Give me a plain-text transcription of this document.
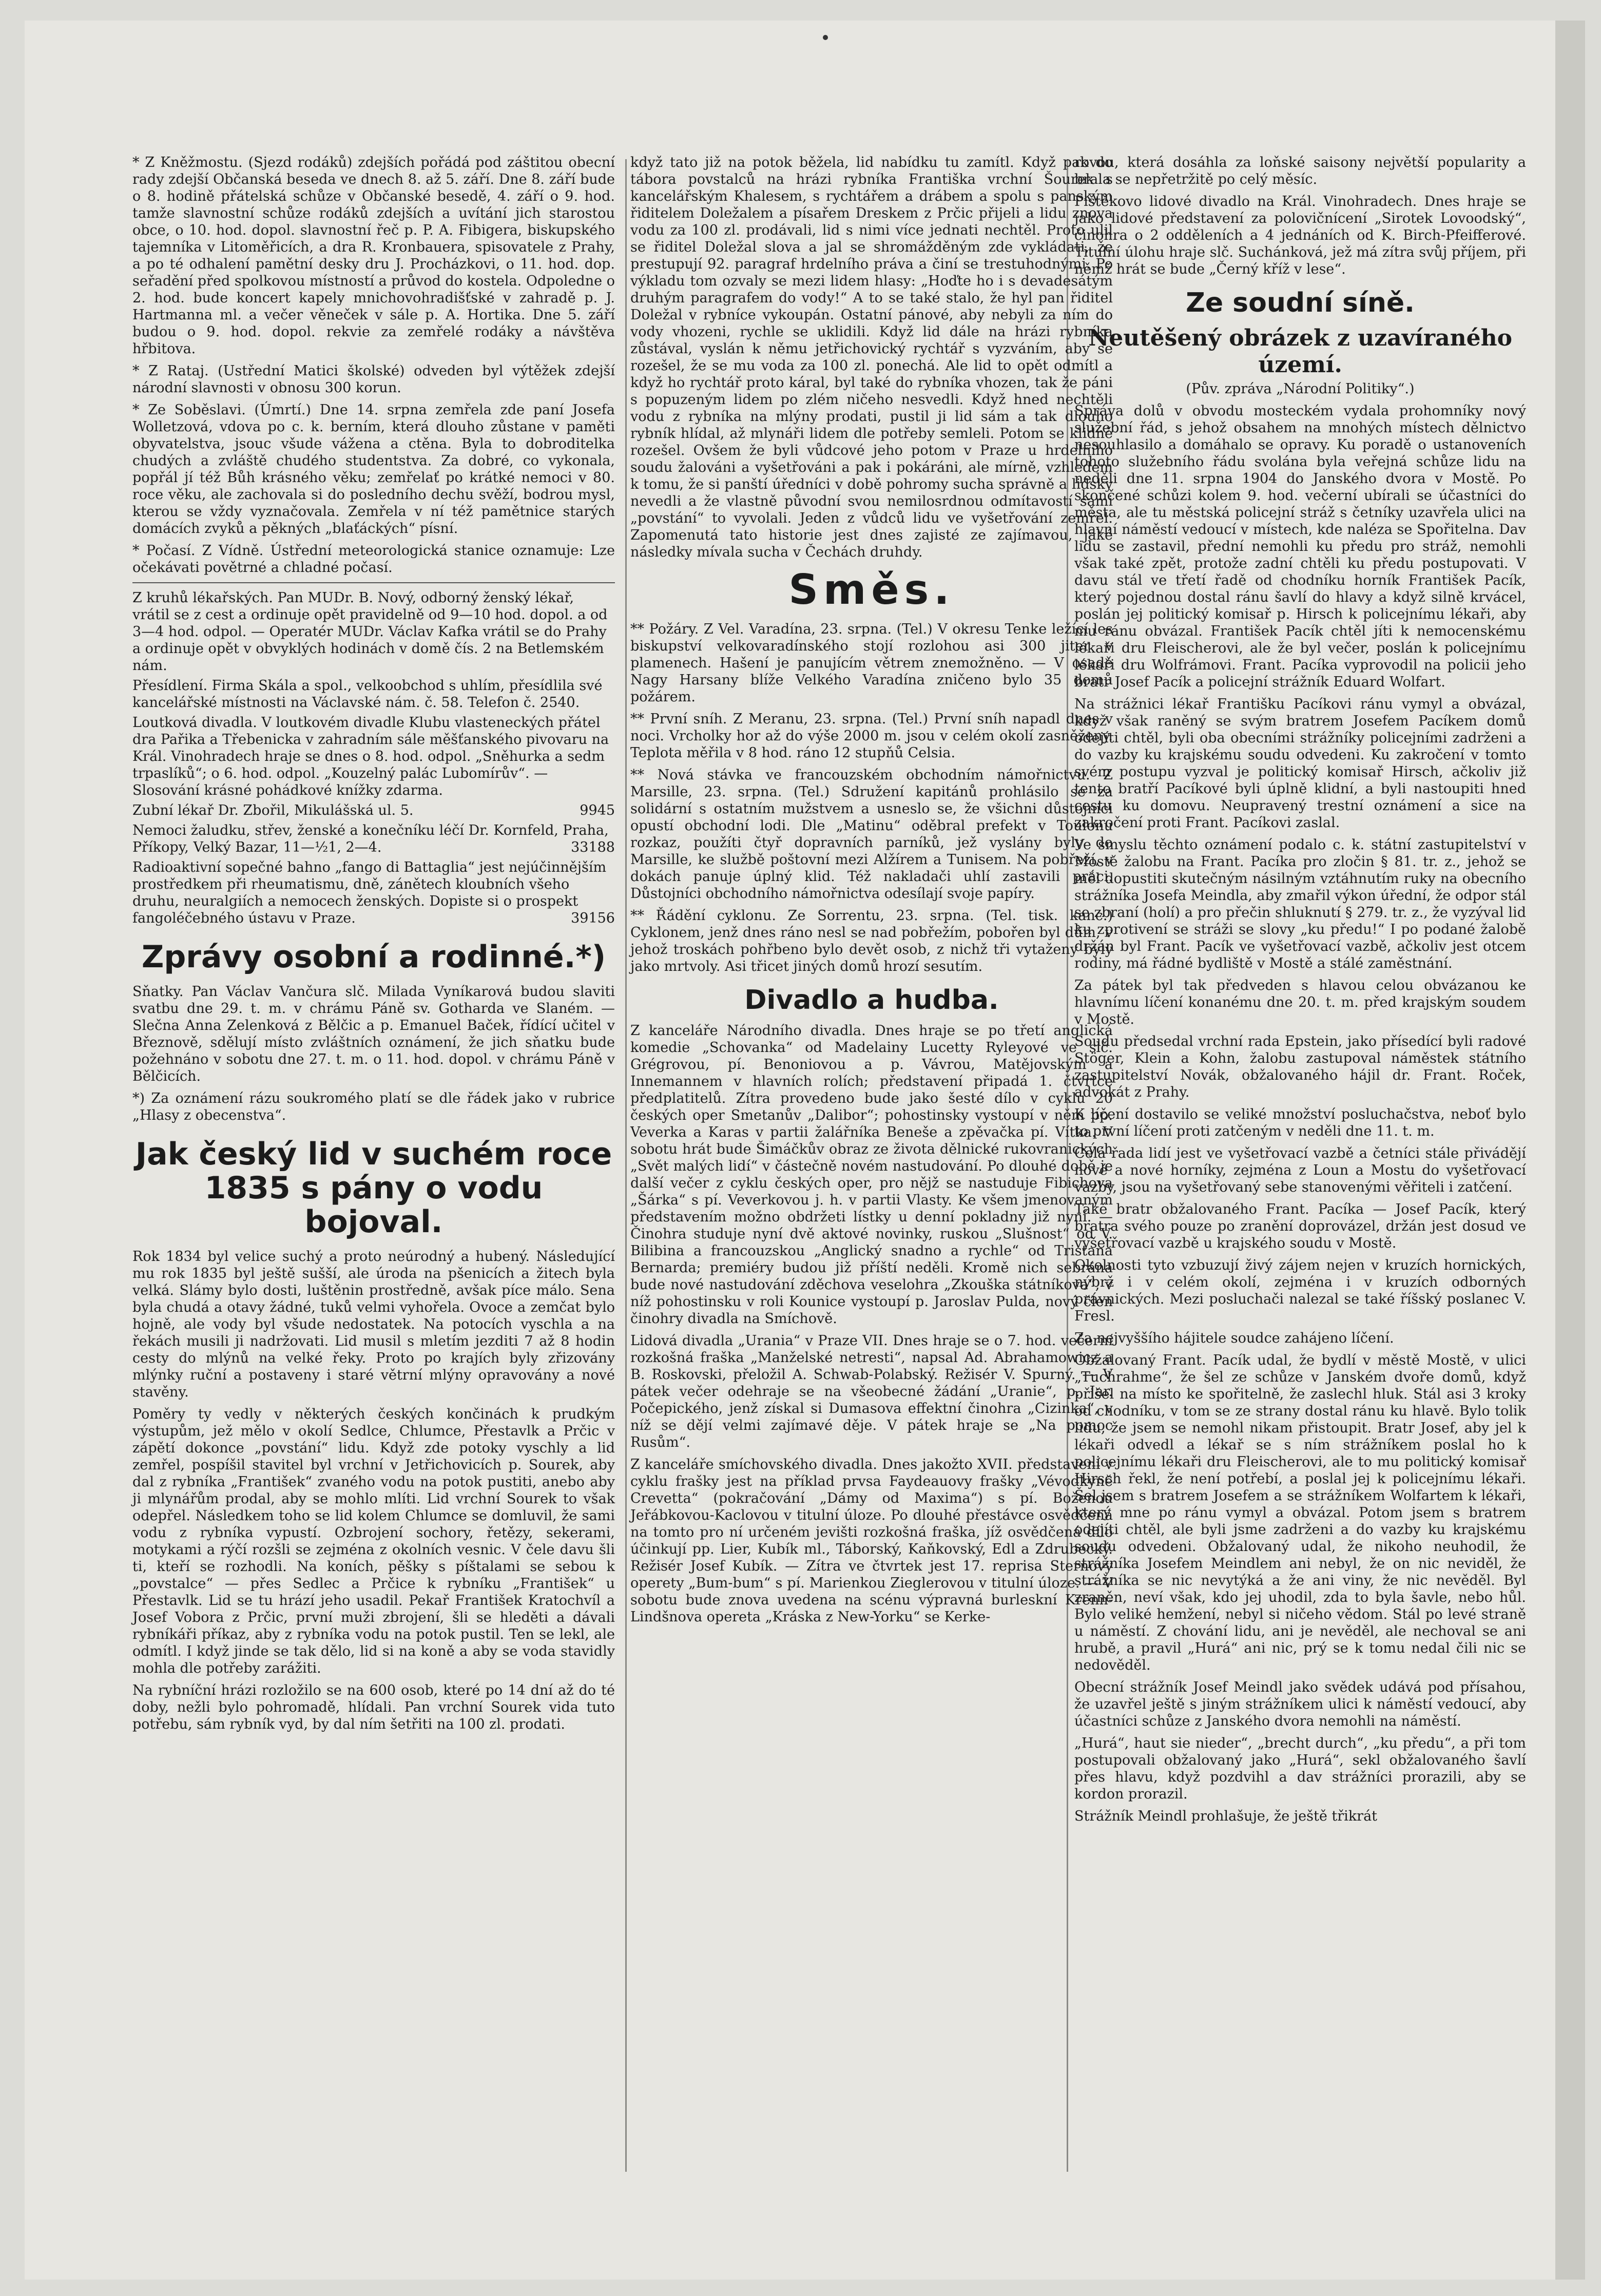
* Z Kněžmostu. (Sjezd rodáků) zdejších pořádá pod záštitou obecní rady zdejší Občanská beseda ve dnech 8. až 5. září. Dne 8. září bude o 8. hodině přátelská schůze v Občanské besedě, 4. září o 9. hod. tamže slavnostní schůze rodáků zdejších a uvítání jich starostou obce, o 10. hod. dopol. slavnostní řeč p. P. A. Fibigera, biskupského tajemníka v Litoměřicích, a dra R. Kronbauera, spisovatele z Prahy, a po té odhalení pamětní desky dru J. Procházkovi, o 11. hod. dop. seřadění před spolkovou místností a průvod do kostela. Odpoledne o 2. hod. bude koncert kapely mnichovohradišťské v zahradě p. J. Hartmanna ml. a večer věneček v sále p. A. Hortika. Dne 5. září budou o 9. hod. dopol. rekvie za zemřelé rodáky a návštěva hřbitova.

* Z Rataj. (Ustřední Matici školské) odveden byl výtěžek zdejší národní slavnosti v obnosu 300 korun.

* Ze Soběslavi. (Úmrtí.) Dne 14. srpna zemřela zde paní Josefa Wolletzová, vdova po c. k. berním, která dlouho zůstane v paměti obyvatelstva, jsouc všude vážena a ctěna. Byla to dobroditelka chudých a zvláště chudého studentstva. Za dobré, co vykonala, popřál jí též Bůh krásného věku; zemřelať po krátké nemoci v 80. roce věku, ale zachovala si do posledního dechu svěží, bodrou mysl, kterou se vždy vyznačovala. Zemřela v ní též pamětnice starých domácích zvyků a pěkných „blaťáckých“ písní.

* Počasí. Z Vídně. Ústřední meteorologická stanice oznamuje: Lze očekávati povětrné a chladné počasí.

Z kruhů lékařských. Pan MUDr. B. Nový, odborný ženský lékař, vrátil se z cest a ordinuje opět pravidelně od 9—10 hod. dopol. a od 3—4 hod. odpol. — Operatér MUDr. Václav Kafka vrátil se do Prahy a ordinuje opět v obvyklých hodinách v domě čís. 2 na Betlemském nám.

Přesídlení. Firma Skála a spol., velkoobchod s uhlím, přesídlila své kancelářské místnosti na Václavské nám. č. 58. Telefon č. 2540.

Loutková divadla. V loutkovém divadle Klubu vlasteneckých přátel dra Pařika a Třebenicka v zahradním sále měšťanského pivovaru na Král. Vinohradech hraje se dnes o 8. hod. odpol. „Sněhurka a sedm trpaslíků“; o 6. hod. odpol. „Kouzelný palác Lubomírův“. — Slosování krásné pohádkové knížky zdarma.

9945
Zubní lékař Dr. Zbořil, Mikulášská ul. 5.

Nemoci žaludku, střev, ženské a konečníku léčí Dr. Kornfeld, Praha, Příkopy, Velký Bazar, 11—½1, 2—4.	33188

Radioaktivní sopečné bahno „fango di Battaglia“ jest nejúčinnějším prostředkem při rheumatismu, dně, zánětech kloubních všeho druhu, neuralgiích a nemocech ženských. Dopiste si o prospekt fangoléčebného ústavu v Praze.	39156

Zprávy osobní a rodinné.*)

Sňatky. Pan Václav Vančura slč. Milada Vyníkarová budou slaviti svatbu dne 29. t. m. v chrámu Páně sv. Gotharda ve Slaném. — Slečna Anna Zelenková z Bělčic a p. Emanuel Baček, řídící učitel v Březnově, sdělují místo zvláštních oznámení, že jich sňatku bude požehnáno v sobotu dne 27. t. m. o 11. hod. dopol. v chrámu Páně v Bělčicích.

*) Za oznámení rázu soukromého platí se dle řádek jako v rubrice „Hlasy z obecenstva“.

Jak český lid v suchém roce 1835 s pány o vodu bojoval.

Rok 1834 byl velice suchý a proto neúrodný a hubený. Následující mu rok 1835 byl ještě sušší, ale úroda na pšenicích a žitech byla velká. Slámy bylo dosti, luštěnin prostředně, avšak píce málo. Sena byla chudá a otavy žádné, tuků velmi vyhořela. Ovoce a zemčat bylo hojně, ale vody byl všude nedostatek. Na potocích vyschla a na řekách musili ji nadržovati. Lid musil s mletím jezditi 7 až 8 hodin cesty do mlýnů na velké řeky. Proto po krajích byly zřizovány mlýnky ruční a postaveny i staré větrní mlýny opravovány a nové stavěny.

Poměry ty vedly v některých českých končinách k prudkým výstupům, jež mělo v okolí Sedlce, Chlumce, Přestavlk a Prčic v zápětí dokonce „povstání“ lidu. Když zde potoky vyschly a lid zemřel, pospíšil stavitel byl vrchní v Jetřichovicích p. Sourek, aby dal z rybníka „František“ zvaného vodu na potok pustiti, anebo aby ji mlynářům prodal, aby se mohlo mlíti. Lid vrchní Sourek to však odepřel. Následkem toho se lid kolem Chlumce se domluvil, že sami vodu z rybníka vypustí. Ozbrojení sochory, řetězy, sekerami, motykami a rýčí rozšli se zejména z okolních vesnic. V čele davu šli ti, kteří se rozhodli. Na koních, pěšky s píštalami se sebou k „povstalce“ — přes Sedlec a Prčice k rybníku „František“ u Přestavlk. Lid se tu hrází jeho usadil. Pekař František Kratochvíl a Josef Vobora z Prčic, první muži zbrojení, šli se hleděti a dávali rybníkáři příkaz, aby z rybníka vodu na potok pustil. Ten se lekl, ale odmítl. I když jinde se tak dělo, lid si na koně a aby se voda stavidly mohla dle potřeby zarážiti.

Na rybníční hrázi rozložilo se na 600 osob, které po 14 dní až do té doby, nežli bylo pohromadě, hlídali. Pan vrchní Sourek vida tuto potřebu, sám rybník vyd, by dal ním šetřiti na 100 zl. prodati.

když tato již na potok běžela, lid nabídku tu zamítl. Když pak do tábora povstalců na hrázi rybníka Františka vrchní Šourek s kancelářským Khalesem, s rychtářem a drábem a spolu s panským řiditelem Doležalem a písařem Dreskem z Prčic přijeli a lidu znova vodu za 100 zl. prodávali, lid s nimi více jednati nechtěl. Proto ulil se řiditel Doležal slova a jal se shromážděným zde vykládati, že prestupují 92. paragraf hrdelního práva a činí se trestuhodnými. Po výkladu tom ozvaly se mezi lidem hlasy: „Hoďte ho i s devadesátým druhým paragrafem do vody!“ A to se také stalo, že hyl pan řiditel Doležal v rybníce vykoupán. Ostatní pánové, aby nebyli za ním do vody vhozeni, rychle se uklidili. Když lid dále na hrázi rybníka zůstával, vyslán k němu jetřichovický rychtář s vyzváním, aby se rozešel, že se mu voda za 100 zl. ponechá. Ale lid to opět odmítl a když ho rychtář proto káral, byl také do rybníka vhozen, tak že páni s popuzeným lidem po zlém ničeho nesvedli. Když hned nechtěli vodu z rybníka na mlýny prodati, pustil ji lid sám a tak dlouho rybník hlídal, až mlynáři lidem dle potřeby semleli. Potom se klidně rozešel. Ovšem že byli vůdcové jeho potom v Praze u hrdelního soudu žalováni a vyšetřováni a pak i pokáráni, ale mírně, vzhledem k tomu, že si panští úředníci v době pohromy sucha správně a lidsky nevedli a že vlastně původní svou nemilosrdnou odmítavostí sami „povstání“ to vyvolali. Jeden z vůdců lidu ve vyšetřování zemřel. Zapomenutá tato historie jest dnes zajisté ze zajímavou, jaké následky mívala sucha v Čechách druhdy.

Směs.

** Požáry. Z Vel. Varadína, 23. srpna. (Tel.) V okresu Tenke ležící les biskupství velkovaradínského stojí rozlohou asi 300 jiter v plamenech. Hašení je panujícím větrem znemožněno. — V osadě Nagy Harsany blíže Velkého Varadína zničeno bylo 35 domů požárem.

** První sníh. Z Meranu, 23. srpna. (Tel.) První sníh napadl dnes v noci. Vrcholky hor až do výše 2000 m. jsou v celém okolí zasněženy. Teplota měřila v 8 hod. ráno 12 stupňů Celsia.

** Nová stávka ve francouzském obchodním námořnictvu. Z Marsille, 23. srpna. (Tel.) Sdružení kapitánů prohlásilo se za solidární s ostatním mužstvem a usneslo se, že všichni důstojníci opustí obchodní lodi. Dle „Matinu“ oděbral prefekt v Toulonu rozkaz, použíti čtyř dopravních parníků, jež vyslány byly do Marsille, ke službě poštovní mezi Alžírem a Tunisem. Na pobřeží, v dokách panuje úplný klid. Též nakladači uhlí zastavili práci. Důstojníci obchodního námořnictva odesílají svoje papíry.

** Řádění cyklonu. Ze Sorrentu, 23. srpna. (Tel. tisk. kanc.) Cyklonem, jenž dnes ráno nesl se nad pobřežím, pobořen byl dům, v jehož troskách pohřbeno bylo devět osob, z nichž tři vytaženy byly jako mrtvoly. Asi třicet jiných domů hrozí sesutím.

Divadlo a hudba.

Z kanceláře Národního divadla. Dnes hraje se po třetí anglická komedie „Schovanka“ od Madelainy Lucetty Ryleyové ve slč. Grégrovou, pí. Benoniovou a p. Vávrou, Matějovským a Innemannem v hlavních rolích; představení připadá 1. čtvrtce předplatitelů. Zítra provedeno bude jako šesté dílo v cyklu 20 českých oper Smetanův „Dalibor“; pohostinsky vystoupí v něm pp. Veverka a Karas v partii žalářníka Beneše a zpěvačka pí. Vítka. V sobotu hrát bude Šimáčkův obraz ze života dělnické rukovranických „Svět malých lidí“ v částečně novém nastudování. Po dlouhé době je další večer z cyklu českých oper, pro nějž se nastuduje Fibichova „Šárka“ s pí. Veverkovou j. h. v partii Vlasty. Ke všem jmenovaným představením možno obdržeti lístky u denní pokladny již nyní. — Činohra studuje nyní dvě aktové novinky, ruskou „Slušnost“ od V. Bilibina a francouzskou „Anglický snadno a rychle“ od Tristana Bernarda; premiéry budou již příští neděli. Kromě nich sebrána bude nové nastudování zděchova veselohra „Zkouška státníkova“, v níž pohostinsku v roli Kounice vystoupí p. Jaroslav Pulda, nový člen činohry divadla na Smíchově.

Lidová divadla „Urania“ v Praze VII. Dnes hraje se o 7. hod. večerní rozkošná fraška „Manželské netresti“, napsal Ad. Abrahamowicz a B. Roskovski, přeložil A. Schwab-Polabský. Režisér V. Spurný. — V pátek večer odehraje se na všeobecné žádání „Uranie“, p. Jar. Počepického, jenž získal si Dumasova effektní činohra „Cizinka“, v níž se dějí velmi zajímavé děje. V pátek hraje se „Na pomoc Rusům“.

Z kanceláře smíchovského divadla. Dnes jakožto XVII. představení v cyklu frašky jest na příklad prvsa Faydeauovy frašky „Vévodkyně Crevetta“ (pokračování „Dámy od Maxima“) s pí. Boženou Jeřábkovou-Kaclovou v titulní úloze. Po dlouhé přestávce osvědčená na tomto pro ní určeném jevišti rozkošná fraška, jíž osvědčená dílo účinkují pp. Lier, Kubík ml., Táborský, Kaňkovský, Edl a Zdrubecký. Režisér Josef Kubík. — Zítra ve čtvrtek jest 17. reprisa Sternovy operety „Bum-bum“ s pí. Marienkou Zieglerovou v titulní úloze. — V sobotu bude znova uvedena na scénu výpravná burleskní Krenn-Lindšnova opereta „Kráska z New-Yorku“ se Kerke-

rovou, která dosáhla za loňské saisony největší popularity a brala se nepřetržitě po celý měsíc.

Pištěkovo lidové divadlo na Král. Vinohradech. Dnes hraje se jako lidové představení za polovičnícení „Sirotek Lovoodský“, činohra o 2 odděleních a 4 jednáních od K. Birch-Pfeifferové. Titulní úlohu hraje slč. Suchánková, jež má zítra svůj příjem, při němž hrát se bude „Černý kříž v lese“.

Ze soudní síně.
Neutěšený obrázek z uzavíraného území.

(Pův. zpráva „Národní Politiky“.)

Správa dolů v obvodu mosteckém vydala prohomníky nový služební řád, s jehož obsahem na mnohých místech dělnictvo nesouhlasilo a domáhalo se opravy. Ku poradě o ustanoveních tohoto služebního řádu svolána byla veřejná schůze lidu na neděli dne 11. srpna 1904 do Janského dvora v Mostě. Po skončené schůzi kolem 9. hod. večerní ubírali se účastníci do města, ale tu městská policejní stráž s četníky uzavřela ulici na hlavní náměstí vedoucí v místech, kde naléza se Spořitelna. Dav lidu se zastavil, přední nemohli ku předu pro stráž, nemohli však také zpět, protože zadní chtěli ku předu postupovati. V davu stál ve třetí řadě od chodníku horník František Pacík, který pojednou dostal ránu šavlí do hlavy a když silně krvácel, poslán jej politický komisař p. Hirsch k policejnímu lékaři, aby mu ránu obvázal. František Pacík chtěl jíti k nemocenskému lékaři dru Fleischerovi, ale že byl večer, poslán k policejnímu lékaři dru Wolfrámovi. Frant. Pacíka vyprovodil na policii jeho bratr Josef Pacík a policejní strážník Eduard Wolfart.

Na strážnici lékař Františku Pacíkovi ránu vymyl a obvázal, když však raněný se svým bratrem Josefem Pacíkem domů odejíti chtěl, byli oba obecními strážníky policejními zadrženi a do vazby ku krajskému soudu odvedeni. Ku zakročení v tomto svém postupu vyzval je politický komisař Hirsch, ačkoliv již tento bratří Pacíkové byli úplně klidní, a byli nastoupiti hned cestu ku domovu. Neupravený trestní oznámení a sice na zakročení proti Frant. Pacíkovi zaslal.

Ve smyslu těchto oznámení podalo c. k. státní zastupitelství v Mostě žalobu na Frant. Pacíka pro zločin § 81. tr. z., jehož se měl dopustiti skutečným násilným vztáhnutím ruky na obecního strážníka Josefa Meindla, aby zmařil výkon úřední, že odpor stál se zbraní (holí) a pro přečin shluknutí § 279. tr. z., že vyzýval lid ku zprotivení se stráži se slovy „ku předu!“ I po podané žalobě držán byl Frant. Pacík ve vyšetřovací vazbě, ačkoliv jest otcem rodiny, má řádné bydliště v Mostě a stálé zaměstnání.

Za pátek byl tak předveden s hlavou celou obvázanou ke hlavnímu líčení konanému dne 20. t. m. před krajským soudem v Mostě.

Soudu předsedal vrchní rada Epstein, jako přísedící byli radové Stöger, Klein a Kohn, žalobu zastupoval náměstek státního zastupitelství Novák, obžalovaného hájil dr. Frant. Roček, advokát z Prahy.

K líčení dostavilo se veliké množství posluchačstva, neboť bylo to první líčení proti zatčeným v neděli dne 11. t. m.

Celá řada lidí jest ve vyšetřovací vazbě a četníci stále přivádějí nové a nové horníky, zejména z Loun a Mostu do vyšetřovací vazby, jsou na vyšetřovaný sebe stanovenými věřiteli i zatčení.

Také bratr obžalovaného Frant. Pacíka — Josef Pacík, který bratra svého pouze po zranění doprovázel, držán jest dosud ve vyšetřovací vazbě u krajského soudu v Mostě.

Okolnosti tyto vzbuzují živý zájem nejen v kruzích hornických, nýbrž i v celém okolí, zejména i v kruzích odborných právnických. Mezi posluchači nalezal se také říšský poslanec V. Fresl.

Za nejvyššího hájitele soudce zahájeno líčení.

Obžalovaný Frant. Pacík udal, že bydlí v městě Mostě, v ulici „Tuchrahme“, že šel ze schůze v Janském dvoře domů, když přišel na místo ke spořitelně, že zaslechl hluk. Stál asi 3 kroky od chodníku, v tom se ze strany dostal ránu ku hlavě. Bylo tolik lidu, že jsem se nemohl nikam přistoupit. Bratr Josef, aby jel k lékaři odvedl a lékař se s ním strážníkem poslal ho k policejnímu lékaři dru Fleischerovi, ale to mu politický komisař Hirsch řekl, že není potřebí, a poslal jej k policejnímu lékaři. Šel jsem s bratrem Josefem a se strážníkem Wolfartem k lékaři, který mne po ránu vymyl a obvázal. Potom jsem s bratrem odejíti chtěl, ale byli jsme zadrženi a do vazby ku krajskému soudu odvedeni. Obžalovaný udal, že nikoho neuhodil, že strážníka Josefem Meindlem ani nebyl, že on nic neviděl, že strážníka se nic nevytýká a že ani viny, že nic nevěděl. Byl zraněn, neví však, kdo jej uhodil, zda to byla šavle, nebo hůl. Bylo veliké hemžení, nebyl si ničeho vědom. Stál po levé straně u náměstí. Z chování lidu, ani je nevěděl, ale nechoval se ani hrubě, a pravil „Hurá“ ani nic, prý se k tomu nedal čili nic se nedověděl.

Obecní strážník Josef Meindl jako svědek udává pod přísahou, že uzavřel ještě s jiným strážníkem ulici k náměstí vedoucí, aby účastníci schůze z Janského dvora nemohli na náměstí.

„Hurá“, haut sie nieder“, „brecht durch“, „ku předu“, a při tom postupovali obžalovaný jako „Hurá“, sekl obžalovaného šavlí přes hlavu, když pozdvihl a dav strážníci prorazili, aby se kordon prorazil.

Strážník Meindl prohlašuje, že ještě třikrát
